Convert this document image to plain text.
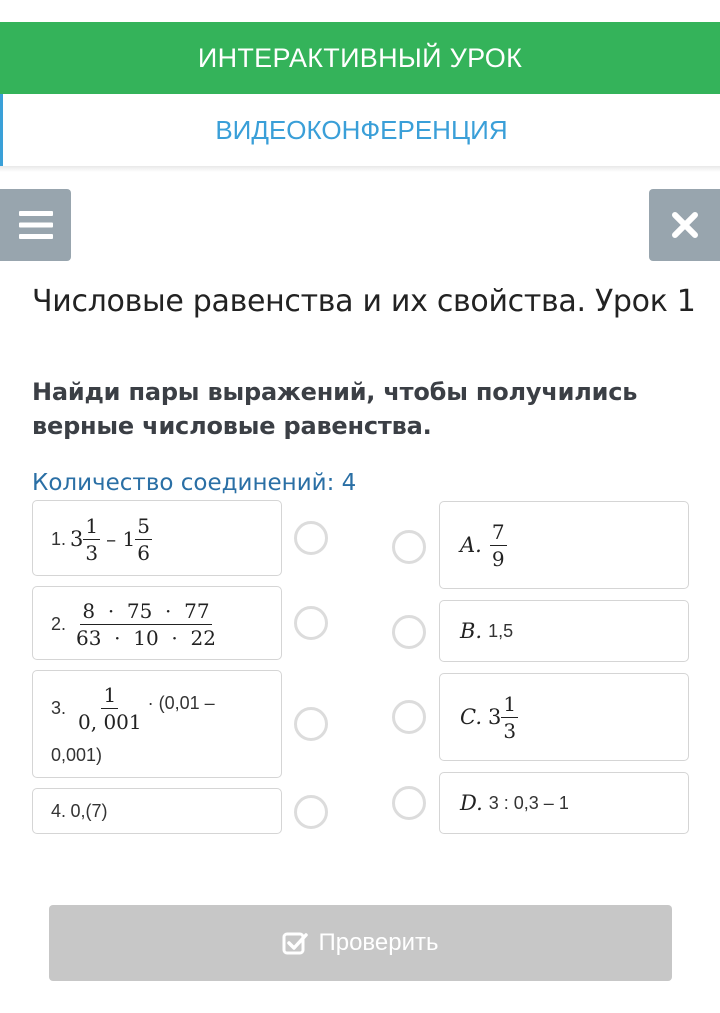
ИНТЕРАКТИВНЫЙ УРОК
ВИДЕОКОНФЕРЕНЦИЯ
Числовые равенства и их свойства. Урок 1
Найди пары выражений, чтобы получились верные числовые равенства.
Количество соединений: 4
1. $3 \frac{1}{3} - 1 \frac{5}{6}$
2. $\frac{8 \cdot 75 \cdot 77}{63 \cdot 10 \cdot 22}$
3. $\frac{1}{0, 001} \cdot (0,01$ –
0,001)
4. 0,(7)
A. $\frac{7}{9}$
B. 1,5
C. $3 \frac{1}{3}$
D. 3 : 0,3 – 1
Проверить
